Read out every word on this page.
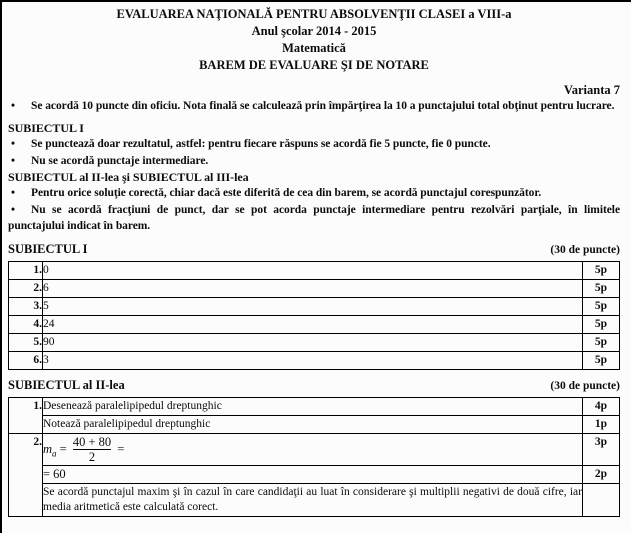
EVALUAREA NAŢIONALĂ PENTRU ABSOLVENŢII CLASEI a VIII-a
Anul şcolar 2014 - 2015
Matematică
BAREM DE EVALUARE ŞI DE NOTARE
Varianta 7

•Se acordă 10 puncte din oficiu. Nota finală se calculează prin împărţirea la 10 a punctajului total obţinut pentru lucrare.

SUBIECTUL I

•Se punctează doar rezultatul, astfel: pentru fiecare răspuns se acordă fie 5 puncte, fie 0 puncte.

•Nu se acordă punctaje intermediare.

SUBIECTUL al II-lea şi SUBIECTUL al III-lea

•Pentru orice soluţie corectă, chiar dacă este diferită de cea din barem, se acordă punctajul corespunzător.

•Nu se acordă fracţiuni de punct, dar se pot acorda punctaje intermediare pentru rezolvări parţiale, în limitele punctajului indicat în barem.

SUBIECTUL I	(30 de puncte)
1.	0	5p
2.	6	5p
3.	5	5p
4.	24	5p
5.	90	5p
6.	3	5p
SUBIECTUL al II-lea	(30 de puncte)
1.	Desenează paralelipipedul dreptunghic	4p
	Notează paralelipipedul dreptunghic	1p
2.	$m_a = \frac{40 + 80}{2}$ =	3p
	= 60	2p
	Se acordă punctajul maxim şi în cazul în care candidaţii au luat în considerare şi multiplii negativi de două cifre, iar media aritmetică este calculată corect.	
